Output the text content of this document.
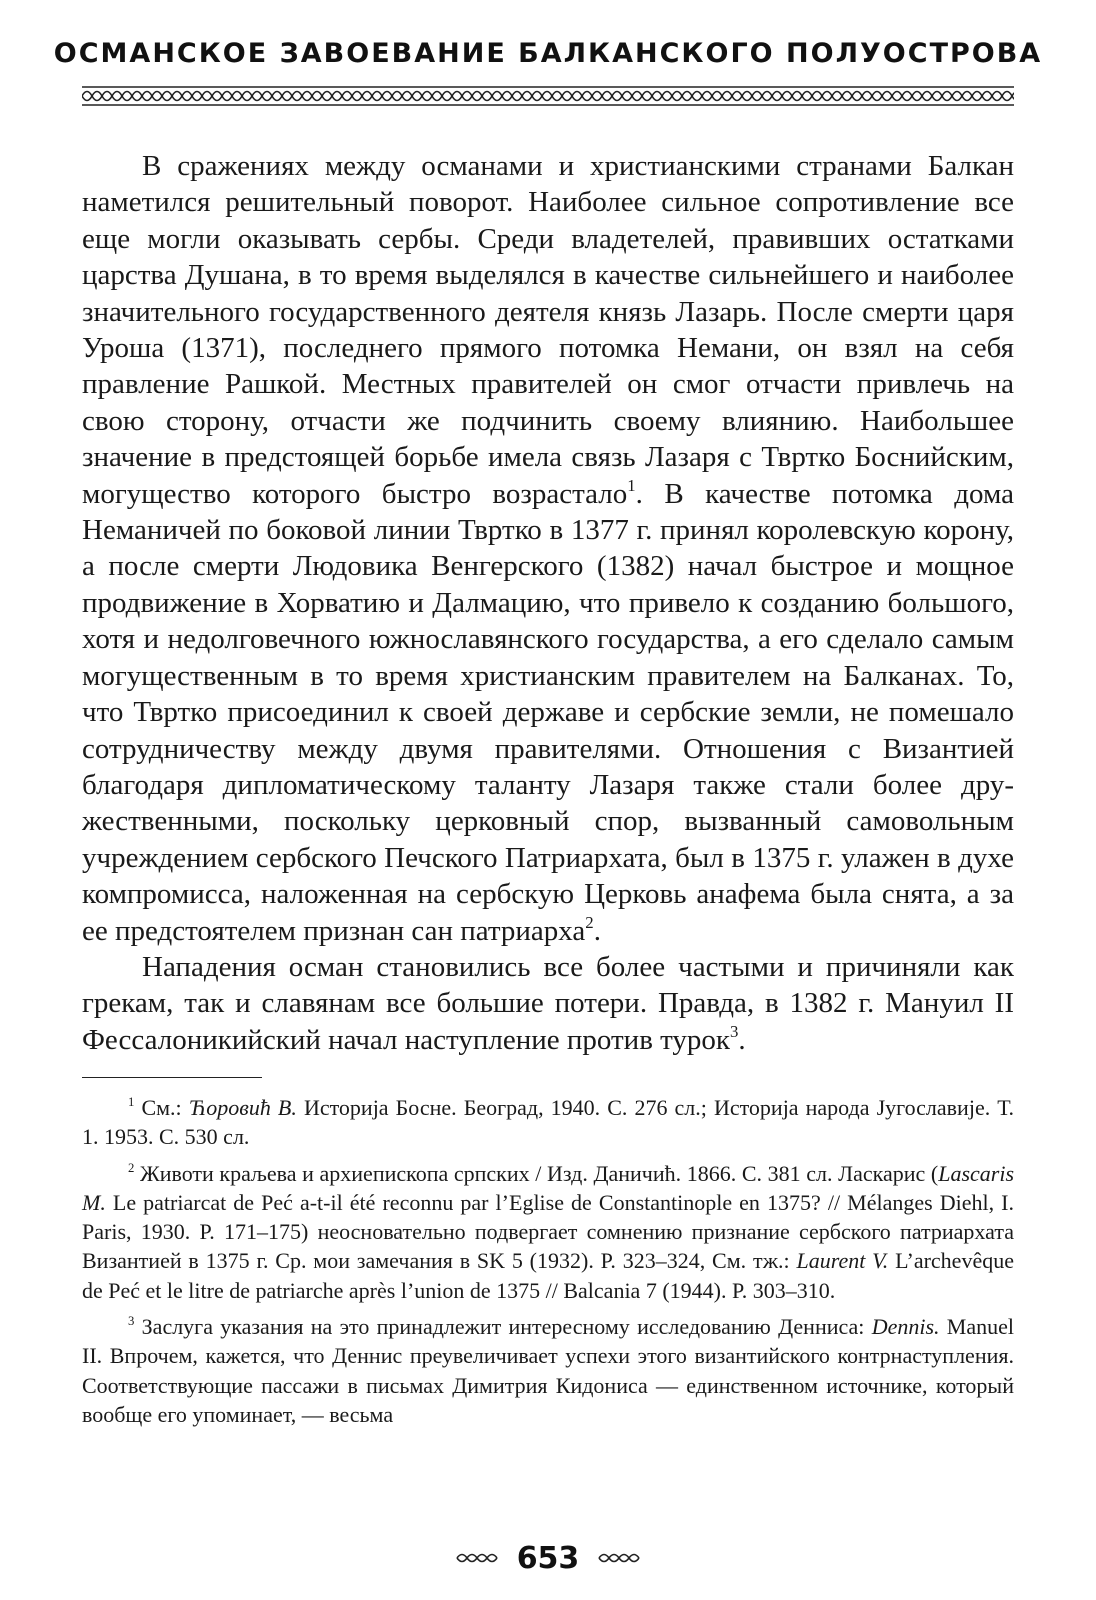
ОСМАНСКОЕ ЗАВОЕВАНИЕ БАЛКАНСКОГО ПОЛУОСТРОВА

В сражениях между османами и христианскими странами Балкан наметился решительный поворот. Наиболее сильное сопротивление все еще могли оказывать сербы. Среди владетелей, правивших остатками царства Душана, в то время выделялся в качестве сильнейшего и наиболее значительного государственного деятеля князь Лазарь. После смерти царя Уроша (1371), последнего прямого потомка Немани, он взял на себя правление Рашкой. Местных правителей он смог отчасти привлечь на свою сторону, отчасти же подчинить своему влиянию. Наибольшее значение в предстоящей борьбе имела связь Лазаря с Твртко Боснийским, могущество которого быстро возрастало$^1$. В качестве потомка дома Неманичей по боковой линии Твртко в 1377 г. принял королевскую корону, а после смерти Людовика Венгерского (1382) начал быстрое и мощное продвижение в Хорватию и Далмацию, что привело к созданию большого, хотя и недолговечного южнославянского государства, а его сделало самым могущественным в то время христианским правителем на Балканах. То, что Твртко присоединил к своей державе и сербские земли, не помешало сотрудничеству между двумя правителями. Отношения с Византией благодаря дипломатическому таланту Лазаря также стали более дружественными, поскольку церковный спор, вызванный самовольным учреждением сербского Печского Патриархата, был в 1375 г. улажен в духе компромисса, наложенная на сербскую Церковь анафема была снята, а за ее предстоятелем признан сан патриарха$^2$.

Нападения осман становились все более частыми и причиняли как грекам, так и славянам все большие потери. Правда, в 1382 г. Мануил II Фессалоникийский начал наступление против турок$^3$.

$^1$ См.: Ћоровић В. Историја Босне. Београд, 1940. С. 276 сл.; Историја народа Југославије. Т. 1. 1953. С. 530 сл.

$^2$ Животи краљева и архиепископа српских / Изд. Даничић. 1866. С. 381 сл. Ласкарис (Lascaris M. Le patriarcat de Peć a-t-il été reconnu par l’Eglise de Constantinople en 1375? // Mélanges Diehl, I. Paris, 1930. P. 171–175) неосновательно подвергает сомнению признание сербского патриархата Византией в 1375 г. Ср. мои замечания в SK 5 (1932). P. 323–324, См. тж.: Laurent V. L’archevêque de Peć et le litre de patriarche après l’union de 1375 // Balcania 7 (1944). P. 303–310.

$^3$ Заслуга указания на это принадлежит интересному исследованию Денниса: Dennis. Manuel II. Впрочем, кажется, что Деннис преувеличивает успехи этого византийского контрнаступления. Соответствующие пассажи в письмах Димитрия Кидониса — единственном источнике, который вообще его упоминает, — весьма

653
